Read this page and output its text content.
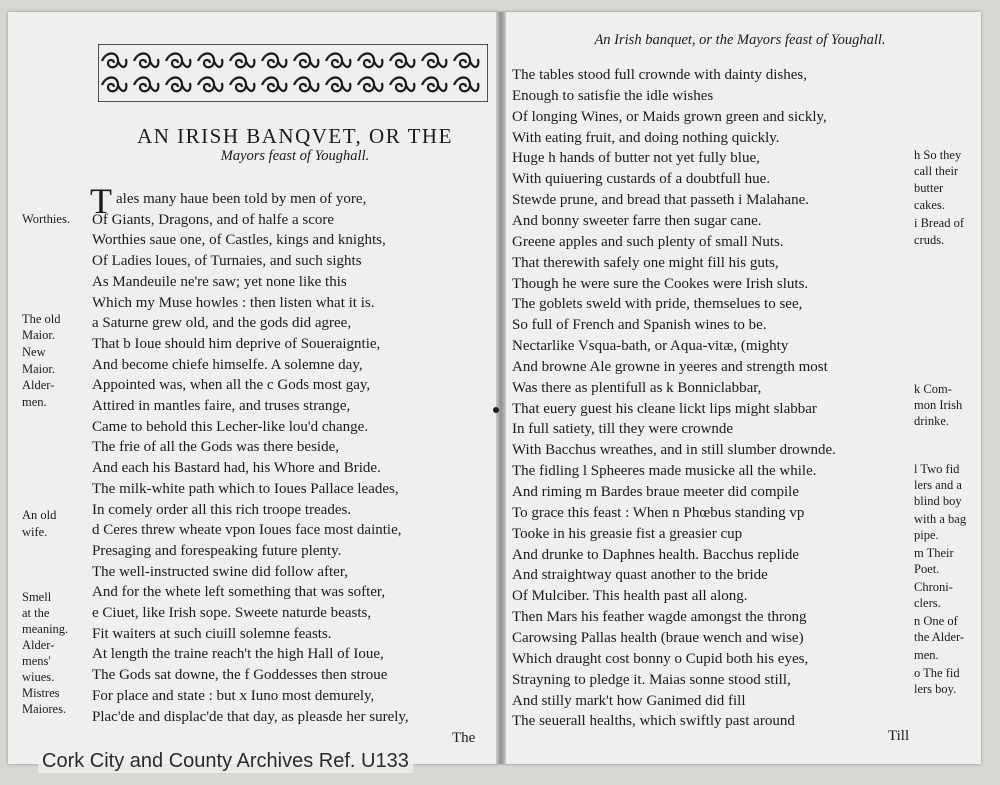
AN IRISH BANQVET, OR THE
Mayors feast of Youghall.
T ales many haue been told by men of yore,
Of Giants, Dragons, and of halfe a score
Worthies saue one, of Castles, kings and knights,
Of Ladies loues, of Turnaies, and such sights
As Mandeuile ne're saw; yet none like this
Which my Muse howles : then listen what it is.
a Saturne grew old, and the gods did agree,
That b Ioue should him deprive of Soueraigntie,
And become chiefe himselfe. A solemne day,
Appointed was, when all the c Gods most gay,
Attired in mantles faire, and truses strange,
Came to behold this Lecher-like lou'd change.
The frie of all the Gods was there beside,
And each his Bastard had, his Whore and Bride.
The milk-white path which to Ioues Pallace leades,
In comely order all this rich troope treades.
d Ceres threw wheate vpon Ioues face most daintie,
Presaging and forespeaking future plenty.
The well-instructed swine did follow after,
And for the whete left something that was softer,
e Ciuet, like Irish sope. Sweete naturde beasts,
Fit waiters at such ciuill solemne feasts.
At length the traine reach't the high Hall of Ioue,
The Gods sat downe, the f Goddesses then stroue
For place and state : but x Iuno most demurely,
Plac'de and displac'de that day, as pleasde her surely,
Worthies.
The old
Maior.
New
Maior.
Alder-
men.
An old
wife.
Smell
at the
meaning.
Alder-
mens'
wiues.
Mistres
Maiores.
The
An Irish banquet, or the Mayors feast of Youghall.
The tables stood full crownde with dainty dishes,
Enough to satisfie the idle wishes
Of longing Wines, or Maids grown green and sickly,
With eating fruit, and doing nothing quickly.
Huge h hands of butter not yet fully blue,
With quiuering custards of a doubtfull hue.
Stewde prune, and bread that passeth i Malahane.
And bonny sweeter farre then sugar cane.
Greene apples and such plenty of small Nuts.
That therewith safely one might fill his guts,
Though he were sure the Cookes were Irish sluts.
The goblets sweld with pride, themselues to see,
So full of French and Spanish wines to be.
Nectarlike Vsqua-bath, or Aqua-vitæ, (mighty
And browne Ale growne in yeeres and strength most
Was there as plentifull as k Bonniclabbar,
That euery guest his cleane lickt lips might slabbar
In full satiety, till they were crownde
With Bacchus wreathes, and in still slumber drownde.
The fidling l Spheeres made musicke all the while.
And riming m Bardes braue meeter did compile
To grace this feast : When n Phœbus standing vp
Tooke in his greasie fist a greasier cup
And drunke to Daphnes health. Bacchus replide
And straightway quast another to the bride
Of Mulciber. This health past all along.
Then Mars his feather wagde amongst the throng
Carowsing Pallas health (braue wench and wise)
Which draught cost bonny o Cupid both his eyes,
Strayning to pledge it. Maias sonne stood still,
And stilly mark't how Ganimed did fill
The seuerall healths, which swiftly past around
h So they
call their
butter
cakes.
i Bread of
cruds.
k Com-
mon Irish
drinke.
l Two fid
lers and a
blind boy
with a bag
pipe.
m Their
Poet.
Chroni-
clers.
n One of
the Alder-
men.
o The fid
lers boy.
Till
Cork City and County Archives Ref. U133
